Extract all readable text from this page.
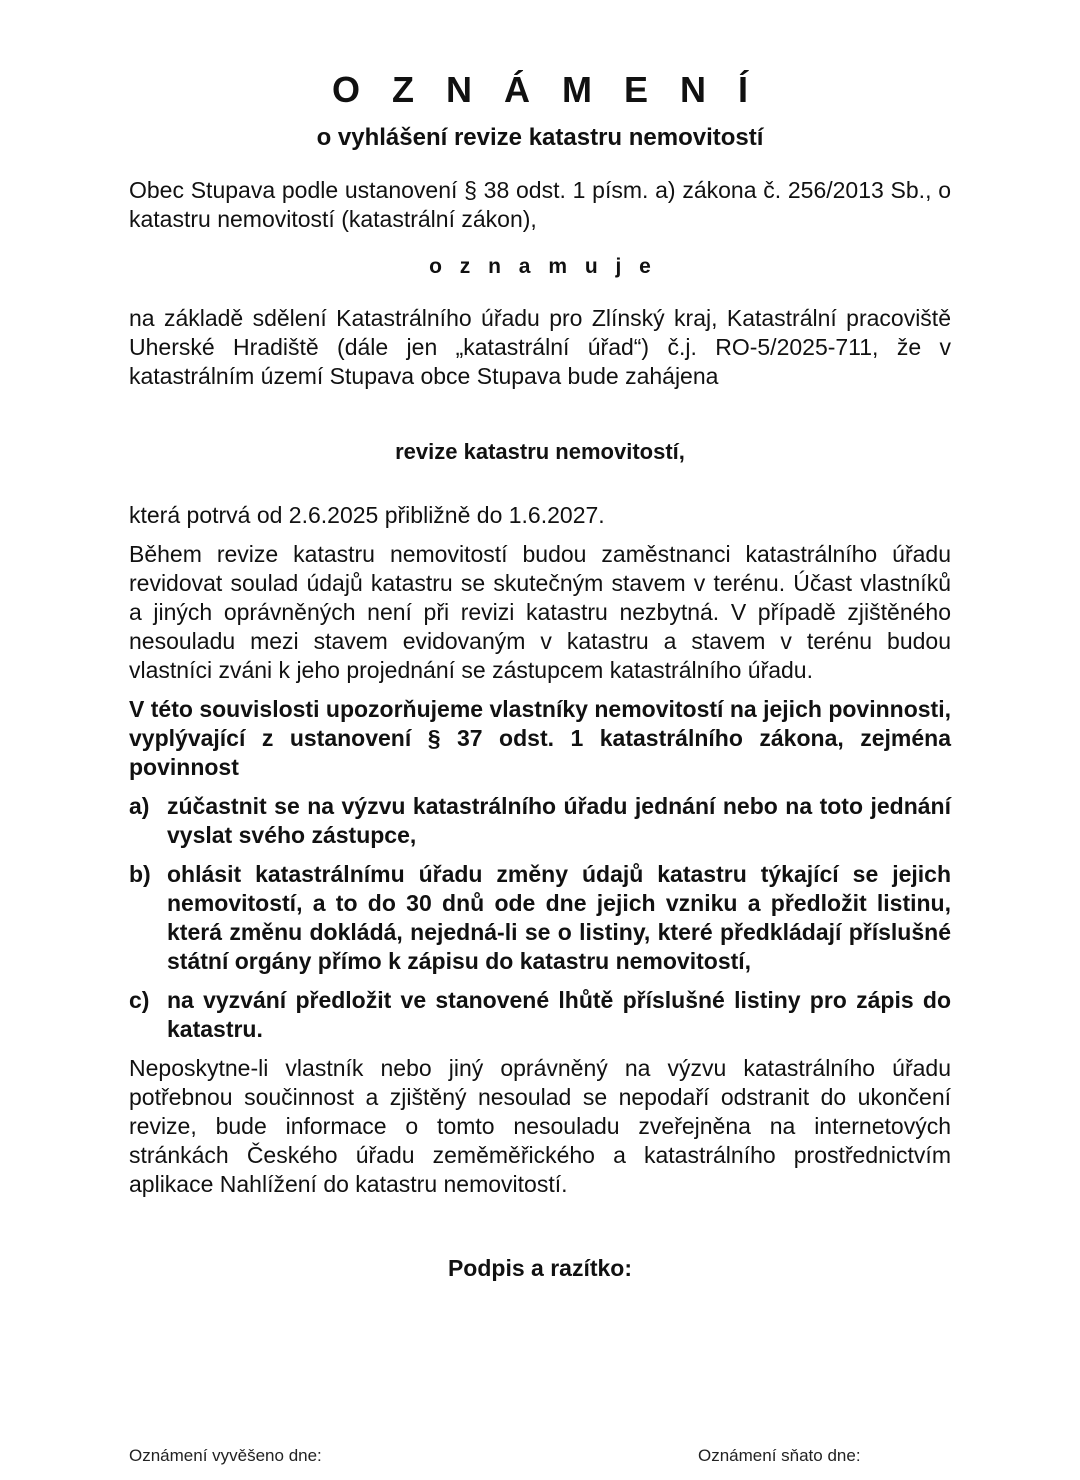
O Z N Á M E N Í
o vyhlášení revize katastru nemovitostí

Obec Stupava podle ustanovení § 38 odst. 1 písm. a) zákona č. 256/2013 Sb., o katastru nemovitostí (katastrální zákon),

o z n a m u j e

na základě sdělení Katastrálního úřadu pro Zlínský kraj, Katastrální pracoviště Uherské Hradiště (dále jen „katastrální úřad“) č.j. RO-5/2025-711, že v katastrálním území Stupava obce Stupava bude zahájena

revize katastru nemovitostí,

která potrvá od 2.6.2025 přibližně do 1.6.2027.

Během revize katastru nemovitostí budou zaměstnanci katastrálního úřadu revidovat soulad údajů katastru se skutečným stavem v terénu. Účast vlastníků a jiných oprávněných není při revizi katastru nezbytná. V případě zjištěného nesouladu mezi stavem evidovaným v katastru a stavem v terénu budou vlastníci zváni k jeho projednání se zástupcem katastrálního úřadu.

V této souvislosti upozorňujeme vlastníky nemovitostí na jejich povinnosti, vyplývající z ustanovení § 37 odst. 1 katastrálního zákona, zejména povinnost

a) zúčastnit se na výzvu katastrálního úřadu jednání nebo na toto jednání vyslat svého zástupce,
b) ohlásit katastrálnímu úřadu změny údajů katastru týkající se jejich nemovitostí, a to do 30 dnů ode dne jejich vzniku a předložit listinu, která změnu dokládá, nejedná-li se o listiny, které předkládají příslušné státní orgány přímo k zápisu do katastru nemovitostí,
c) na vyzvání předložit ve stanovené lhůtě příslušné listiny pro zápis do katastru.

Neposkytne-li vlastník nebo jiný oprávněný na výzvu katastrálního úřadu potřebnou součinnost a zjištěný nesoulad se nepodaří odstranit do ukončení revize, bude informace o tomto nesouladu zveřejněna na internetových stránkách Českého úřadu zeměměřického a katastrálního prostřednictvím aplikace Nahlížení do katastru nemovitostí.

Podpis a razítko:
Oznámení vyvěšeno dne:	Oznámení sňato dne:
